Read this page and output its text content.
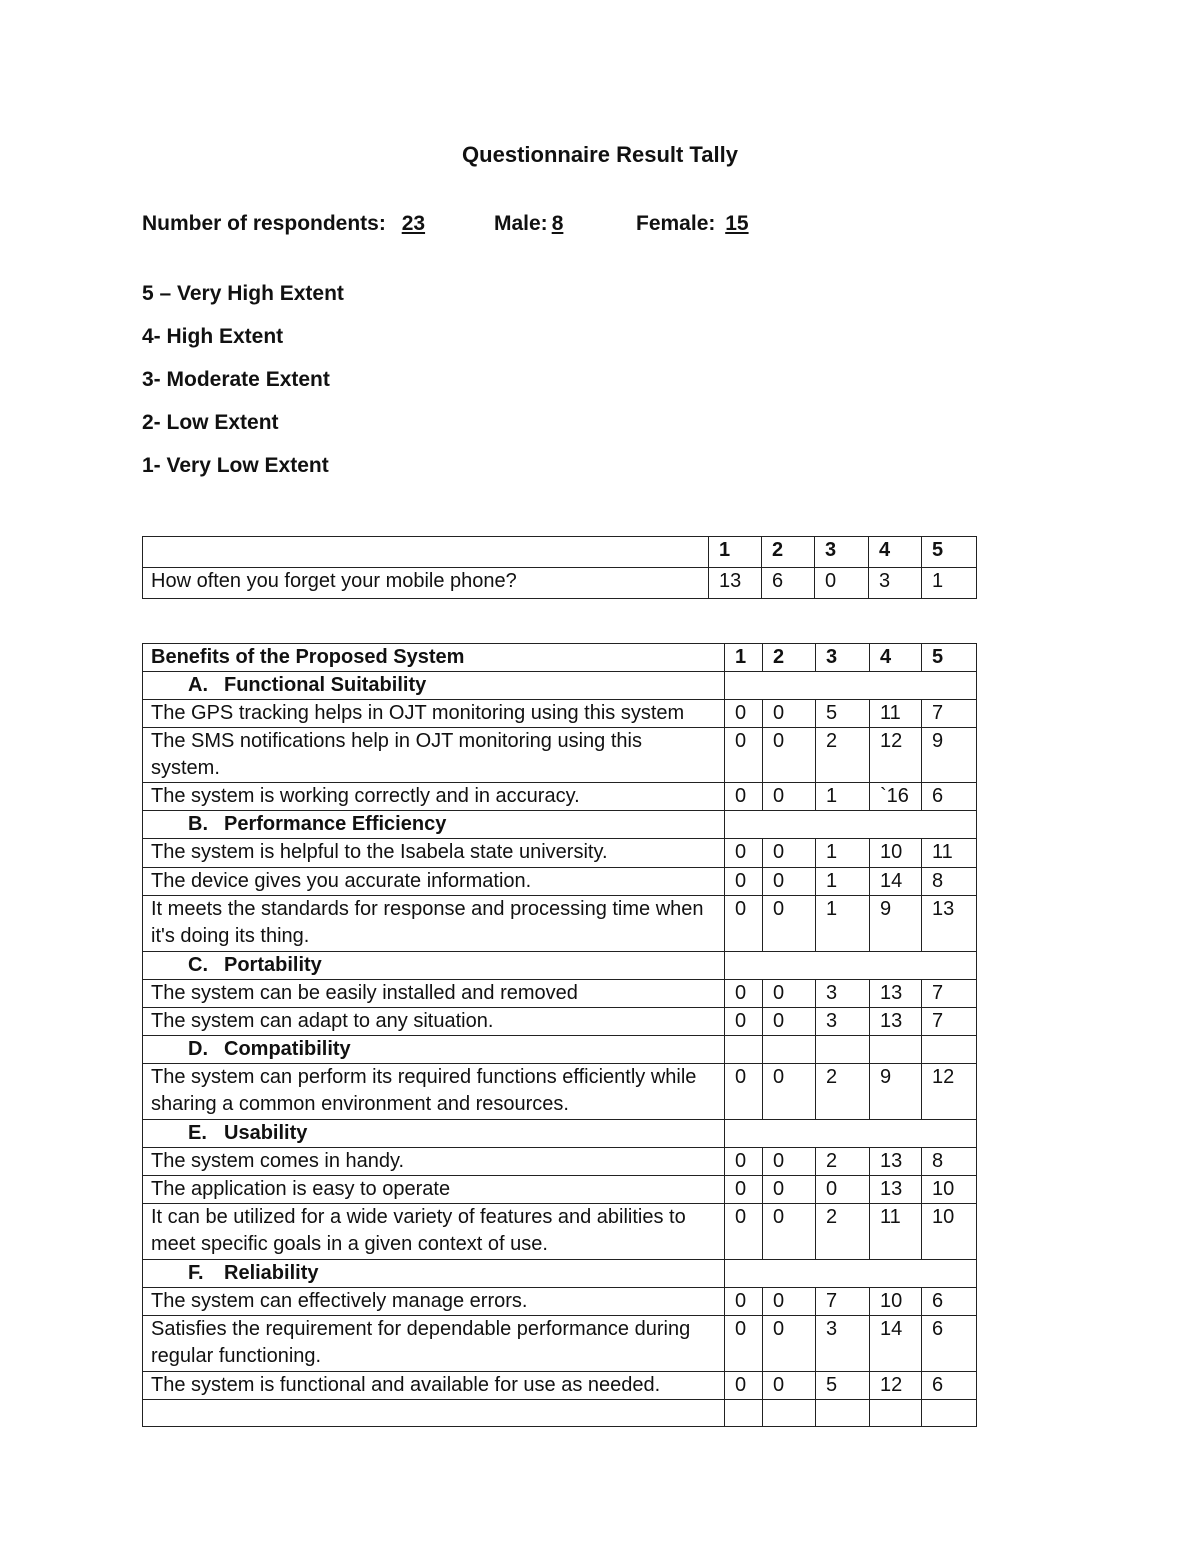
Questionnaire Result Tally
Number of respondents: 23	Male: 8	Female: 15
5 – Very High Extent
4- High Extent
3- Moderate Extent
2- Low Extent
1- Very Low Extent
	1	2	3	4	5
How often you forget your mobile phone?	13	6	0	3	1
Benefits of the Proposed System	1	2	3	4	5
A. Functional Suitability					
The GPS tracking helps in OJT monitoring using this system	0	0	5	11	7
The SMS notifications help in OJT monitoring using this system.	0	0	2	12	9
The system is working correctly and in accuracy.	0	0	1	`16	6
B. Performance Efficiency					
The system is helpful to the Isabela state university.	0	0	1	10	11
The device gives you accurate information.	0	0	1	14	8
It meets the standards for response and processing time when it's doing its thing.	0	0	1	9	13
C. Portability					
The system can be easily installed and removed	0	0	3	13	7
The system can adapt to any situation.	0	0	3	13	7
D. Compatibility					
The system can perform its required functions efficiently while sharing a common environment and resources.	0	0	2	9	12
E. Usability					
The system comes in handy.	0	0	2	13	8
The application is easy to operate	0	0	0	13	10
It can be utilized for a wide variety of features and abilities to meet specific goals in a given context of use.	0	0	2	11	10
F. Reliability					
The system can effectively manage errors.	0	0	7	10	6
Satisfies the requirement for dependable performance during regular functioning.	0	0	3	14	6
The system is functional and available for use as needed.	0	0	5	12	6
